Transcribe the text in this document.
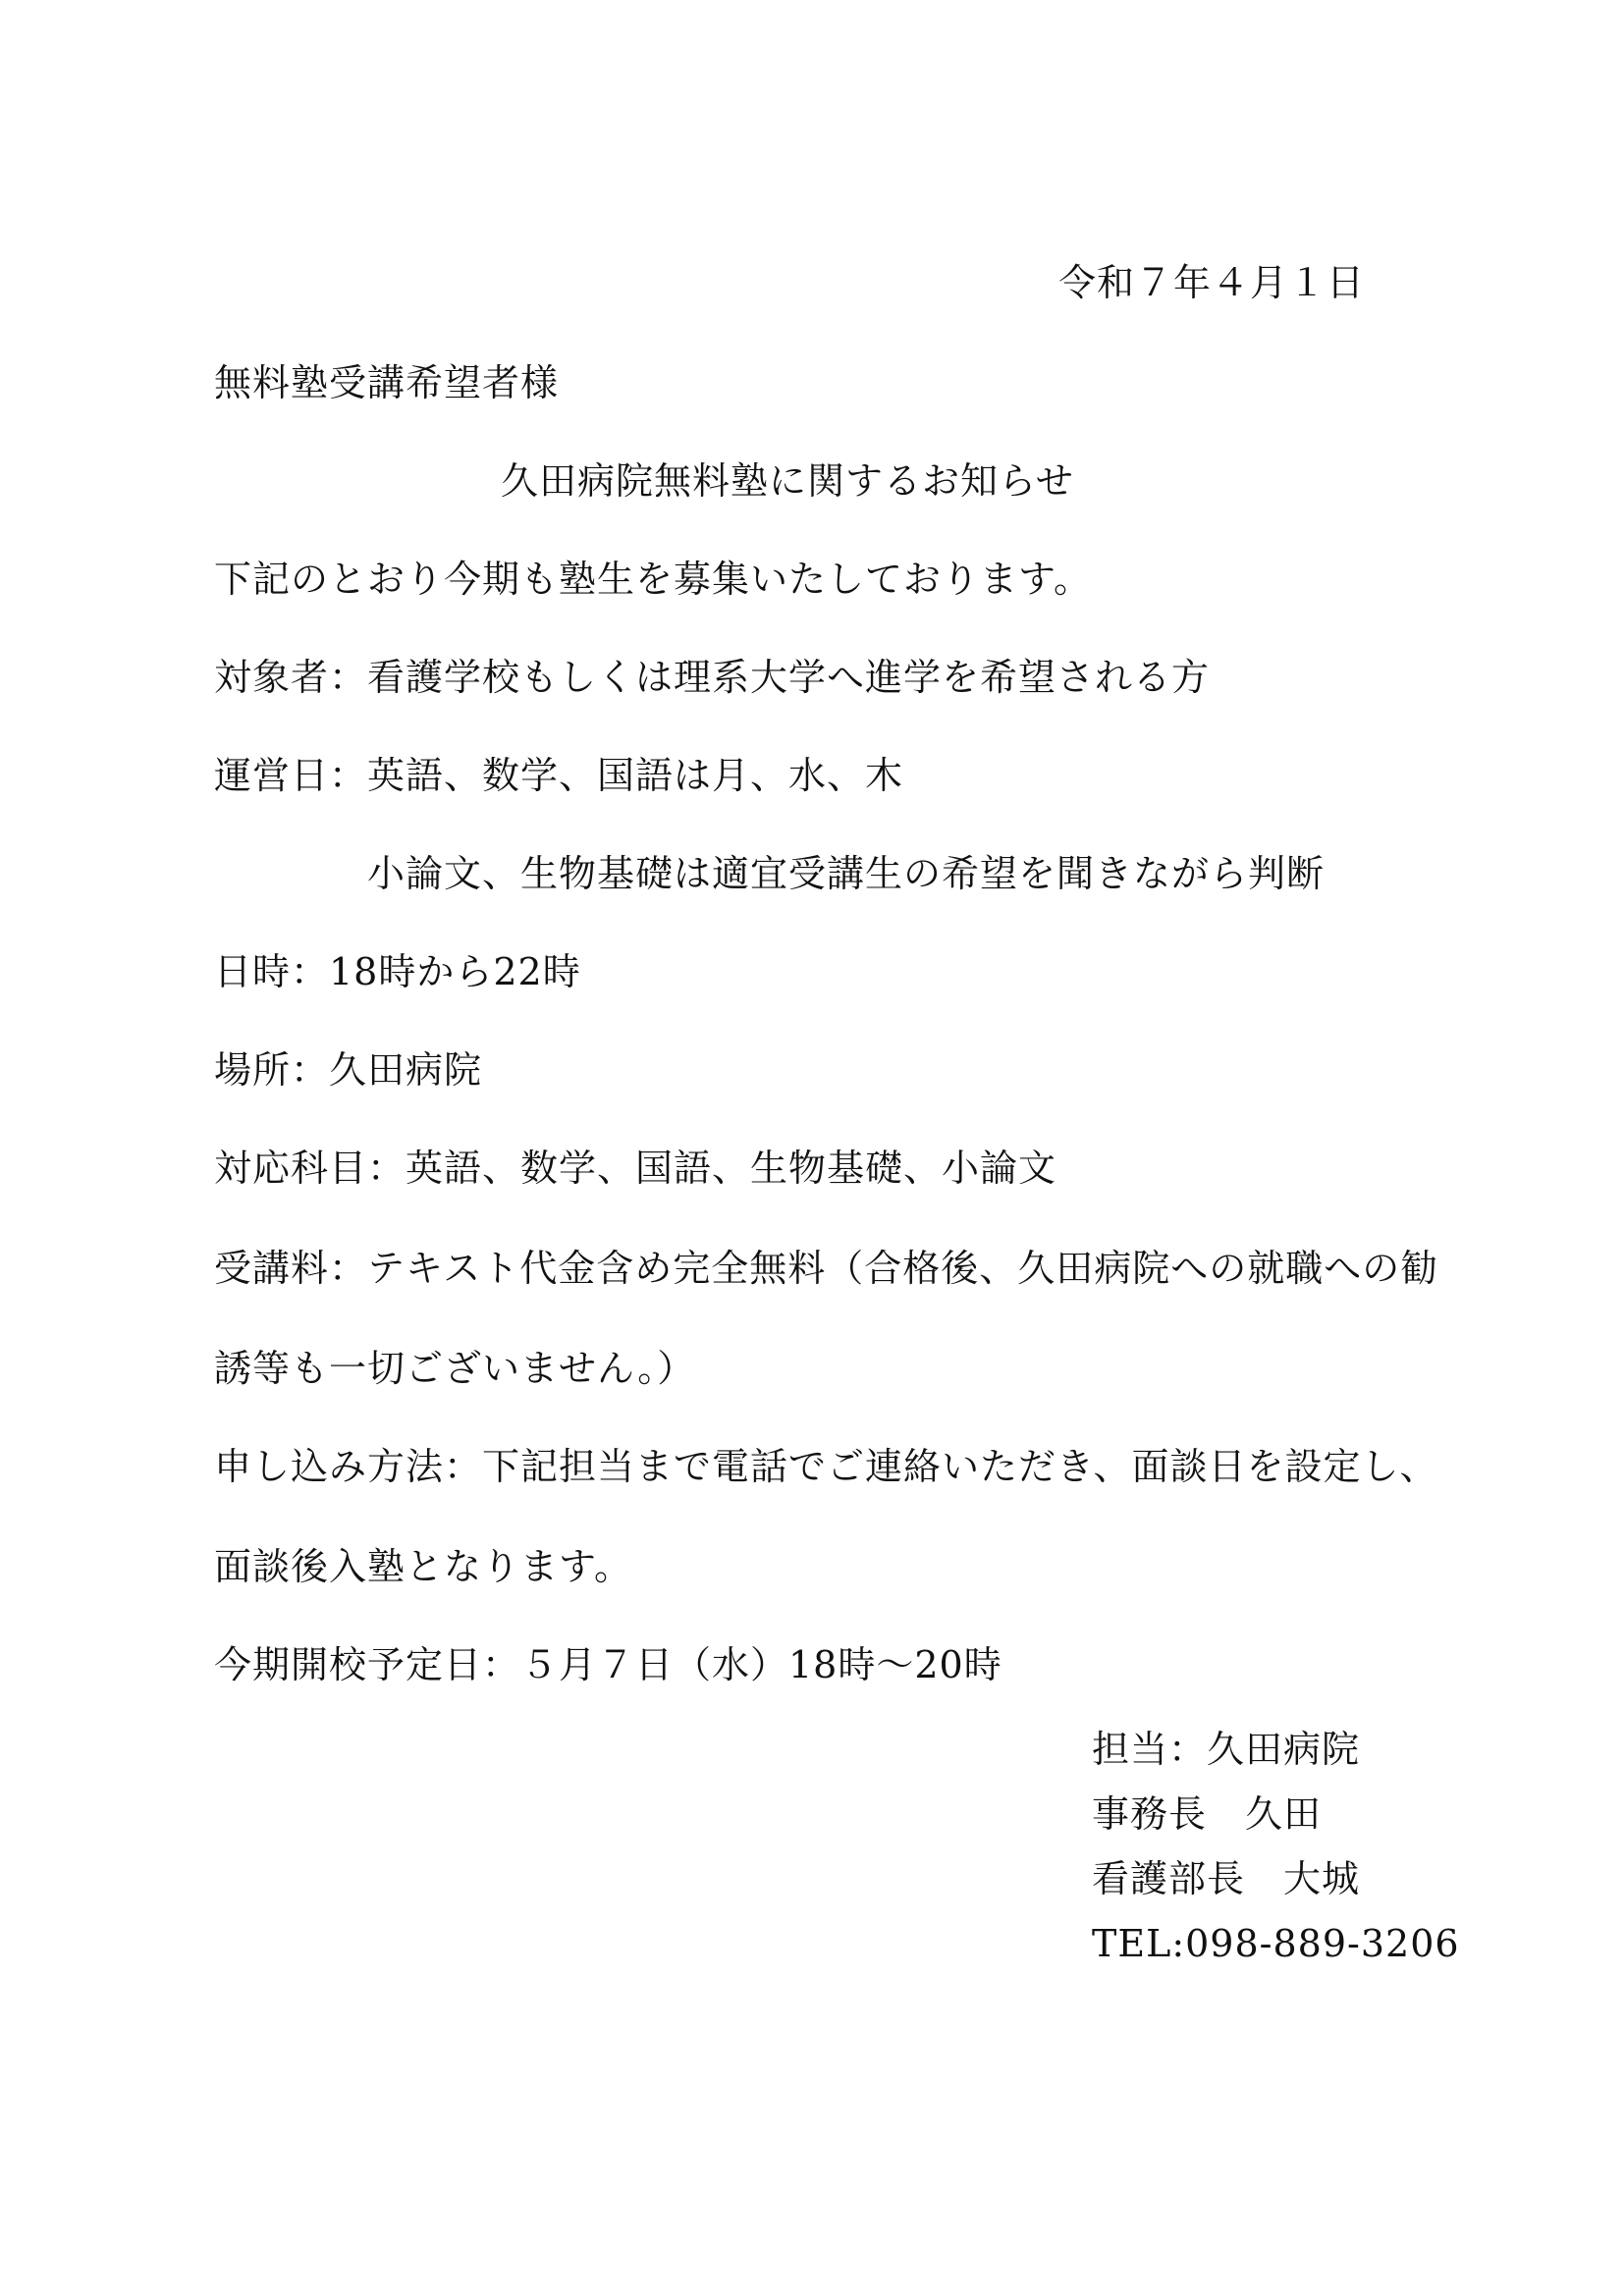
令和７年４月１日
無料塾受講希望者様
久田病院無料塾に関するお知らせ
下記のとおり今期も塾生を募集いたしております。
対象者：看護学校もしくは理系大学へ進学を希望される方
運営日：英語、数学、国語は月、水、木
小論文、生物基礎は適宜受講生の希望を聞きながら判断
日時：18時から22時
場所：久田病院
対応科目：英語、数学、国語、生物基礎、小論文
受講料：テキスト代金含め完全無料（合格後、久田病院への就職への勧
誘等も一切ございません。）
申し込み方法：下記担当まで電話でご連絡いただき、面談日を設定し、
面談後入塾となります。
今期開校予定日：５月７日（水）18時～20時
担当：久田病院
事務長　久田
看護部長　大城
TEL:098-889-3206
